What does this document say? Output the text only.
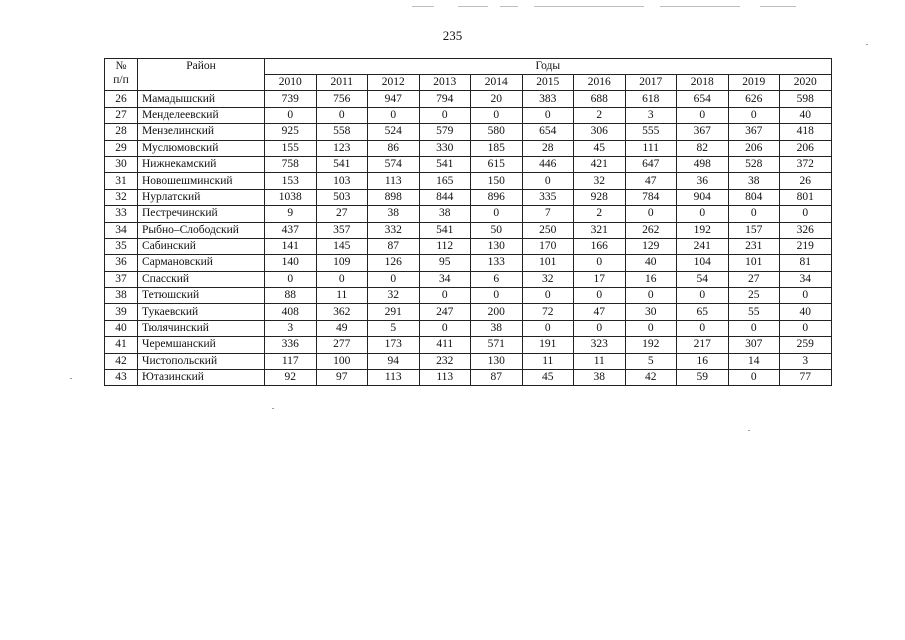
235
№
п/п	Район	Годы										
		2010	2011	2012	2013	2014	2015	2016	2017	2018	2019	2020
26	Мамадышский	739	756	947	794	20	383	688	618	654	626	598
27	Менделеевский	0	0	0	0	0	0	2	3	0	0	40
28	Мензелинский	925	558	524	579	580	654	306	555	367	367	418
29	Муслюмовский	155	123	86	330	185	28	45	111	82	206	206
30	Нижнекамский	758	541	574	541	615	446	421	647	498	528	372
31	Новошешминский	153	103	113	165	150	0	32	47	36	38	26
32	Нурлатский	1038	503	898	844	896	335	928	784	904	804	801
33	Пестречинский	9	27	38	38	0	7	2	0	0	0	0
34	Рыбно–Слободский	437	357	332	541	50	250	321	262	192	157	326
35	Сабинский	141	145	87	112	130	170	166	129	241	231	219
36	Сармановский	140	109	126	95	133	101	0	40	104	101	81
37	Спасский	0	0	0	34	6	32	17	16	54	27	34
38	Тетюшский	88	11	32	0	0	0	0	0	0	25	0
39	Тукаевский	408	362	291	247	200	72	47	30	65	55	40
40	Тюлячинский	3	49	5	0	38	0	0	0	0	0	0
41	Черемшанский	336	277	173	411	571	191	323	192	217	307	259
42	Чистопольский	117	100	94	232	130	11	11	5	16	14	3
43	Ютазинский	92	97	113	113	87	45	38	42	59	0	77
